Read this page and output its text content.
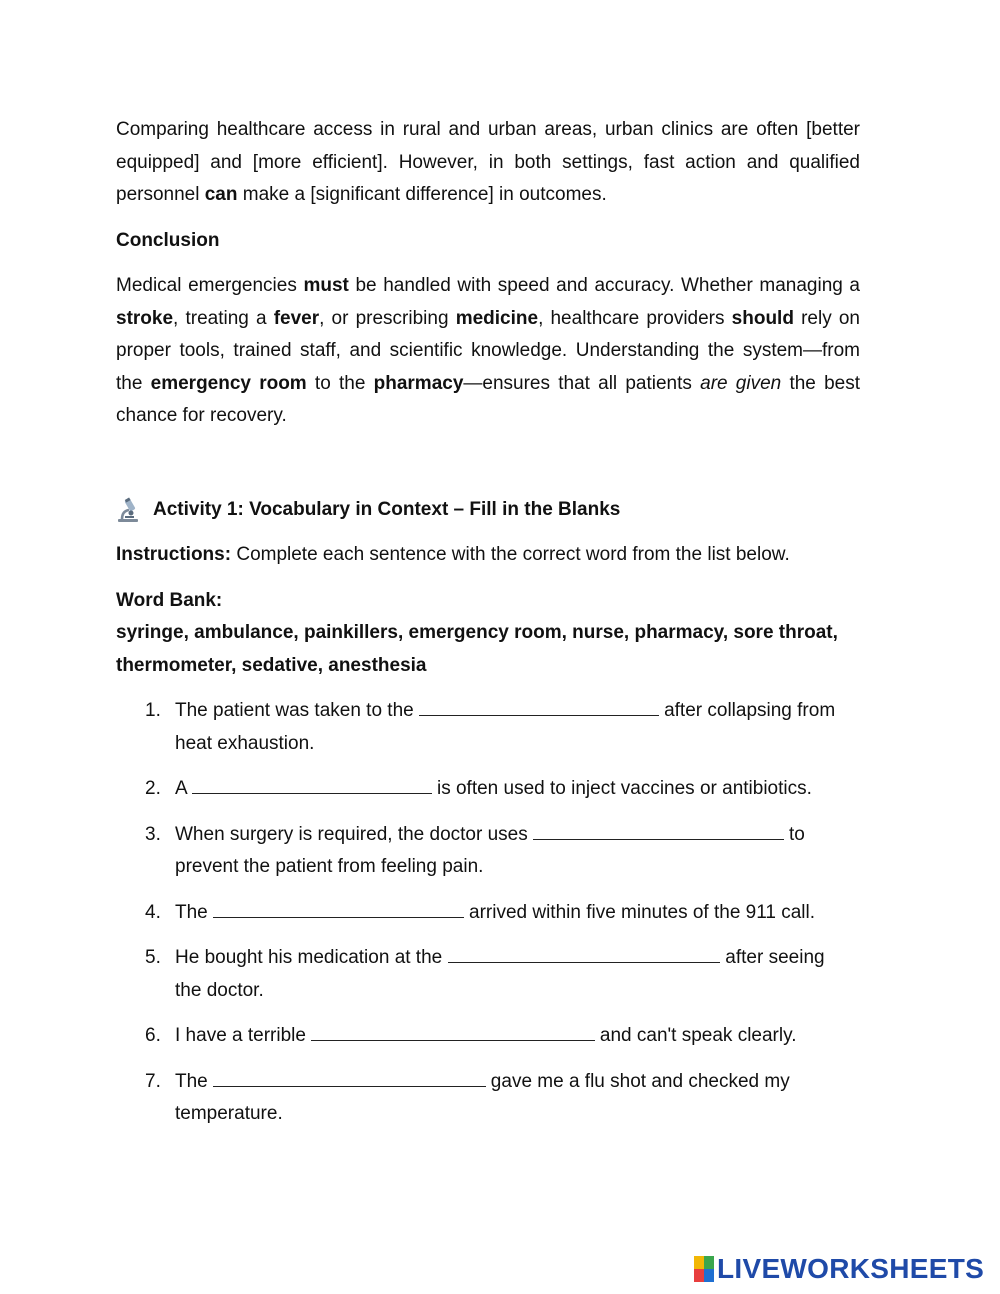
Comparing healthcare access in rural and urban areas, urban clinics are often [better equipped] and [more efficient]. However, in both settings, fast action and qualified personnel can make a [significant difference] in outcomes.

Conclusion

Medical emergencies must be handled with speed and accuracy. Whether managing a stroke, treating a fever, or prescribing medicine, healthcare providers should rely on proper tools, trained staff, and scientific knowledge. Understanding the system—from the emergency room to the pharmacy—ensures that all patients are given the best chance for recovery.

Activity 1: Vocabulary in Context – Fill in the Blanks

Instructions: Complete each sentence with the correct word from the list below.

Word Bank:
syringe, ambulance, painkillers, emergency room, nurse, pharmacy, sore throat, thermometer, sedative, anesthesia
1. The patient was taken to the	after collapsing from heat exhaustion.
2. A	is often used to inject vaccines or antibiotics.
3. When surgery is required, the doctor uses	to prevent the patient from feeling pain.
4. The	arrived within five minutes of the 911 call.
5. He bought his medication at the	after seeing the doctor.
6. I have a terrible	and can't speak clearly.
7. The	gave me a flu shot and checked my temperature.
LIVEWORKSHEETS
